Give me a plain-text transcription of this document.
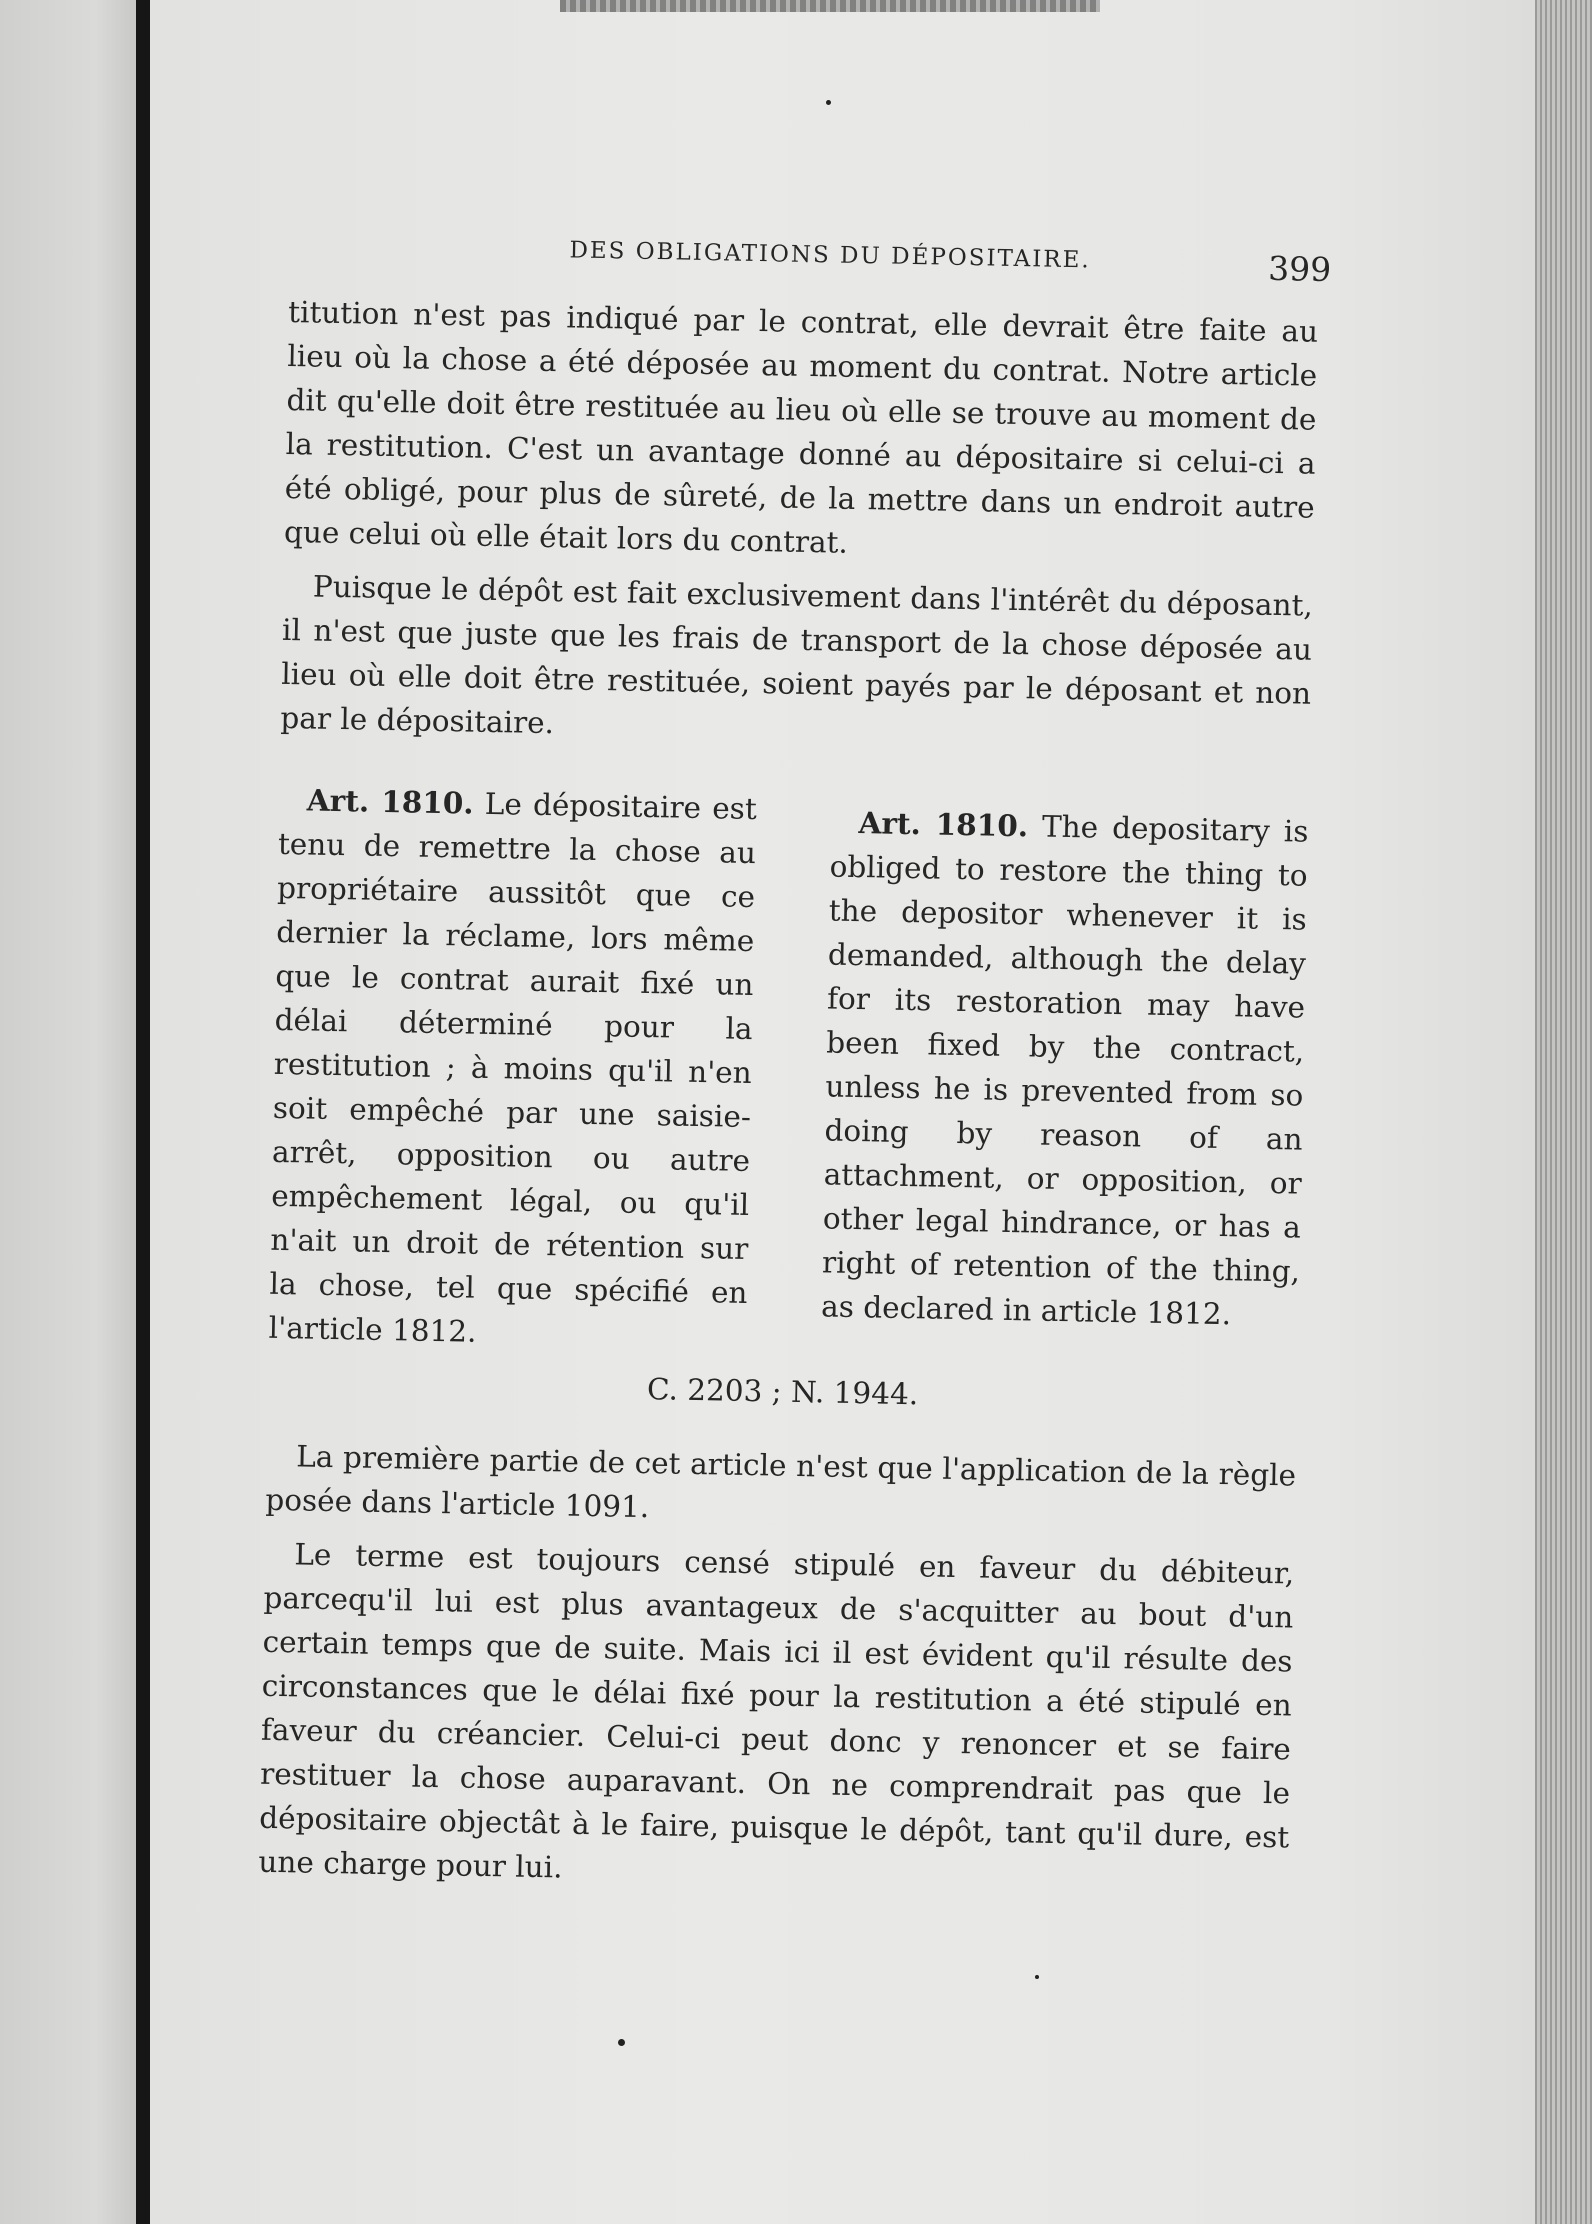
DES OBLIGATIONS DU DÉPOSITAIRE.	399

titution n'est pas indiqué par le contrat, elle devrait être faite au lieu où la chose a été déposée au moment du contrat. Notre article dit qu'elle doit être restituée au lieu où elle se trouve au moment de la restitution. C'est un avantage donné au dépositaire si celui-ci a été obligé, pour plus de sûreté, de la mettre dans un endroit autre que celui où elle était lors du contrat.

Puisque le dépôt est fait exclusivement dans l'intérêt du déposant, il n'est que juste que les frais de transport de la chose déposée au lieu où elle doit être restituée, soient payés par le déposant et non par le dépositaire.

Art. 1810. Le dépositaire est tenu de remettre la chose au propriétaire aussitôt que ce dernier la réclame, lors même que le contrat aurait fixé un délai déterminé pour la restitution ; à moins qu'il n'en soit empêché par une saisie-arrêt, opposition ou autre empêchement légal, ou qu'il n'ait un droit de rétention sur la chose, tel que spécifié en l'article 1812.

Art. 1810. The depositary is obliged to restore the thing to the depositor whenever it is demanded, although the delay for its restoration may have been fixed by the contract, unless he is prevented from so doing by reason of an attachment, or opposition, or other legal hindrance, or has a right of retention of the thing, as declared in article 1812.

C. 2203 ; N. 1944.

La première partie de cet article n'est que l'application de la règle posée dans l'article 1091.

Le terme est toujours censé stipulé en faveur du débiteur, parcequ'il lui est plus avantageux de s'acquitter au bout d'un certain temps que de suite. Mais ici il est évident qu'il résulte des circonstances que le délai fixé pour la restitution a été stipulé en faveur du créancier. Celui-ci peut donc y renoncer et se faire restituer la chose auparavant. On ne comprendrait pas que le dépositaire objectât à le faire, puisque le dépôt, tant qu'il dure, est une charge pour lui.
